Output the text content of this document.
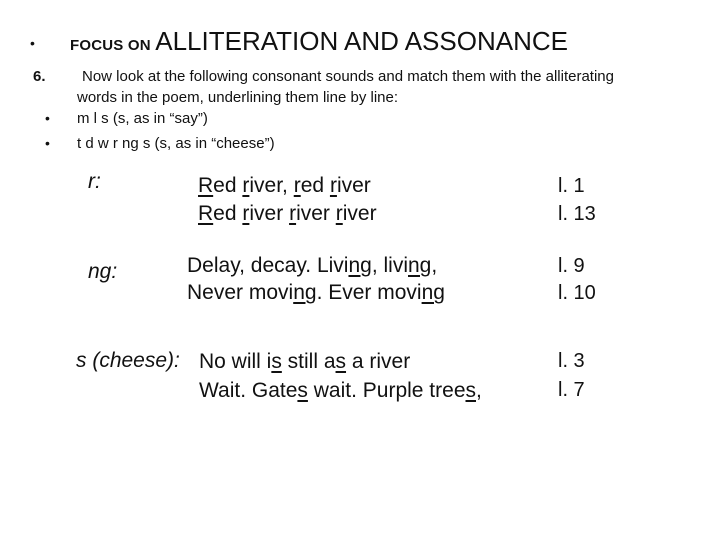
• FOCUS ON ALLITERATION AND ASSONANCE
6. Now look at the following consonant sounds and match them with the alliterating
words in the poem, underlining them line by line:
• m l s (s, as in “say”)
• t d w r ng s (s, as in “cheese”)
r:	Red river, red river
Red river river river
l. 1
l. 13
ng:	Delay, decay. Living, living,
Never moving. Ever moving
l. 9
l. 10
s (cheese): No will is still as a river
Wait. Gates wait. Purple trees,
l. 3
l. 7
